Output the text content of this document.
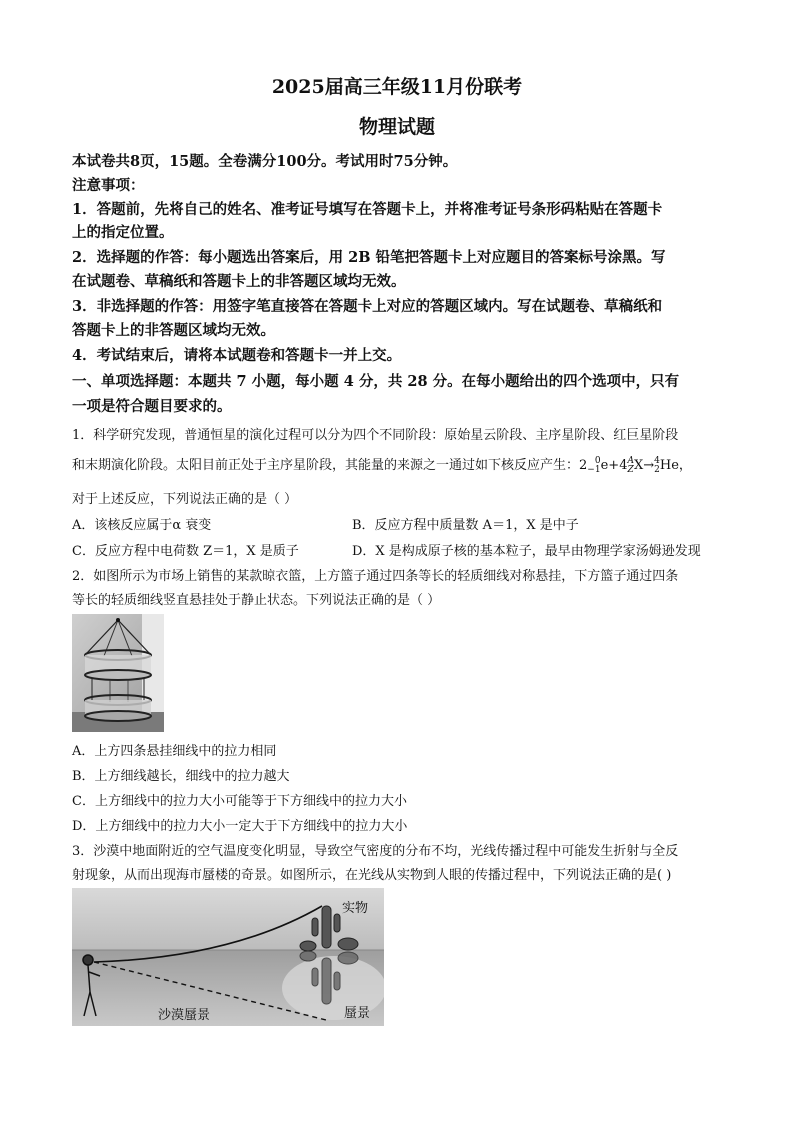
2025届高三年级11月份联考
物理试题
本试卷共8页，15题。全卷满分100分。考试用时75分钟。
注意事项：
1．答题前，先将自己的姓名、准考证号填写在答题卡上，并将准考证号条形码粘贴在答题卡
上的指定位置。
2．选择题的作答：每小题选出答案后，用 2B 铅笔把答题卡上对应题目的答案标号涂黑。写
在试题卷、草稿纸和答题卡上的非答题区域均无效。
3．非选择题的作答：用签字笔直接答在答题卡上对应的答题区域内。写在试题卷、草稿纸和
答题卡上的非答题区域均无效。
4．考试结束后，请将本试题卷和答题卡一并上交。
一、单项选择题：本题共 7 小题，每小题 4 分，共 28 分。在每小题给出的四个选项中，只有
一项是符合题目要求的。
1．科学研究发现，普通恒星的演化过程可以分为四个不同阶段：原始星云阶段、主序星阶段、红巨星阶段
和末期演化阶段。太阳目前正处于主序星阶段，其能量的来源之一通过如下核反应产生：2 0
−1e+4A
ZX→4
2He，
对于上述反应，下列说法正确的是（ ）
A．该核反应属于α 衰变	B．反应方程中质量数 A＝1，X 是中子
C．反应方程中电荷数 Z＝1，X 是质子	D．X 是构成原子核的基本粒子，最早由物理学家汤姆逊发现
2．如图所示为市场上销售的某款晾衣篮，上方篮子通过四条等长的轻质细线对称悬挂，下方篮子通过四条
等长的轻质细线竖直悬挂处于静止状态。下列说法正确的是（ ）
A．上方四条悬挂细线中的拉力相同
B．上方细线越长，细线中的拉力越大
C．上方细线中的拉力大小可能等于下方细线中的拉力大小
D．上方细线中的拉力大小一定大于下方细线中的拉力大小
3．沙漠中地面附近的空气温度变化明显，导致空气密度的分布不均，光线传播过程中可能发生折射与全反
射现象，从而出现海市蜃楼的奇景。如图所示，在光线从实物到人眼的传播过程中，下列说法正确的是( )
实物
蜃景
沙漠蜃景
